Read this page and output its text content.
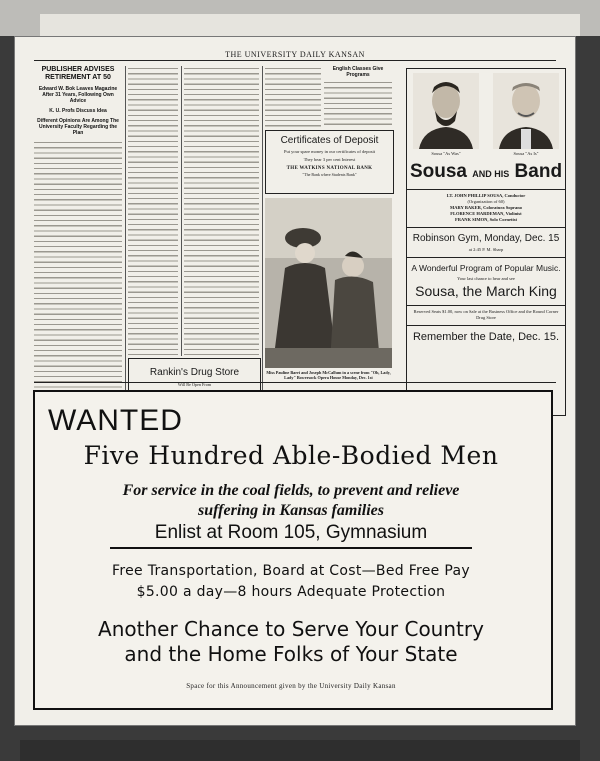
THE UNIVERSITY DAILY KANSAN
PUBLISHER ADVISES RETIREMENT AT 50
Edward W. Bok Leaves Magazine After 31 Years, Following Own Advice
K. U. Profs Discuss Idea
Different Opinions Are Among The University Faculty Regarding the Plan
English Classes Give Programs
Certificates of Deposit
Put your spare money in our certificates of deposit
They bear 3 per cent Interest
THE WATKINS NATIONAL BANK
"The Bank where Students Bank"
Miss Pauline Barri and Joseph McCallum in a scene from "Oh, Lady, Lady" Bowersock Opera House Monday, Dec. 1st
Rankin's Drug Store
Will Be Open From
Sousa "As Was"	Sousa "As Is"
Sousa AND HIS Band
LT. JOHN PHILLIP SOUSA, Conductor
(Organization of 60)
MARY BAKER, Coloratura Soprano
FLORENCE HARDEMAN, Violinist
FRANK SIMON, Solo Cornetist
Robinson Gym, Monday, Dec. 15
at 2:45 P. M. Sharp
A Wonderful Program of Popular Music.
Your last chance to hear and see
Sousa, the March King
Reserved Seats $1.00, now on Sale at the Business Office and the Round Corner Drug Store
Remember the Date, Dec. 15.
WANTED
Five Hundred Able-Bodied Men
For service in the coal fields, to prevent and relieve
suffering in Kansas families
Enlist at Room 105, Gymnasium
Free Transportation, Board at Cost—Bed Free Pay
$5.00 a day—8 hours Adequate Protection
Another Chance to Serve Your Country
and the Home Folks of Your State
Space for this Announcement given by the University Daily Kansan
